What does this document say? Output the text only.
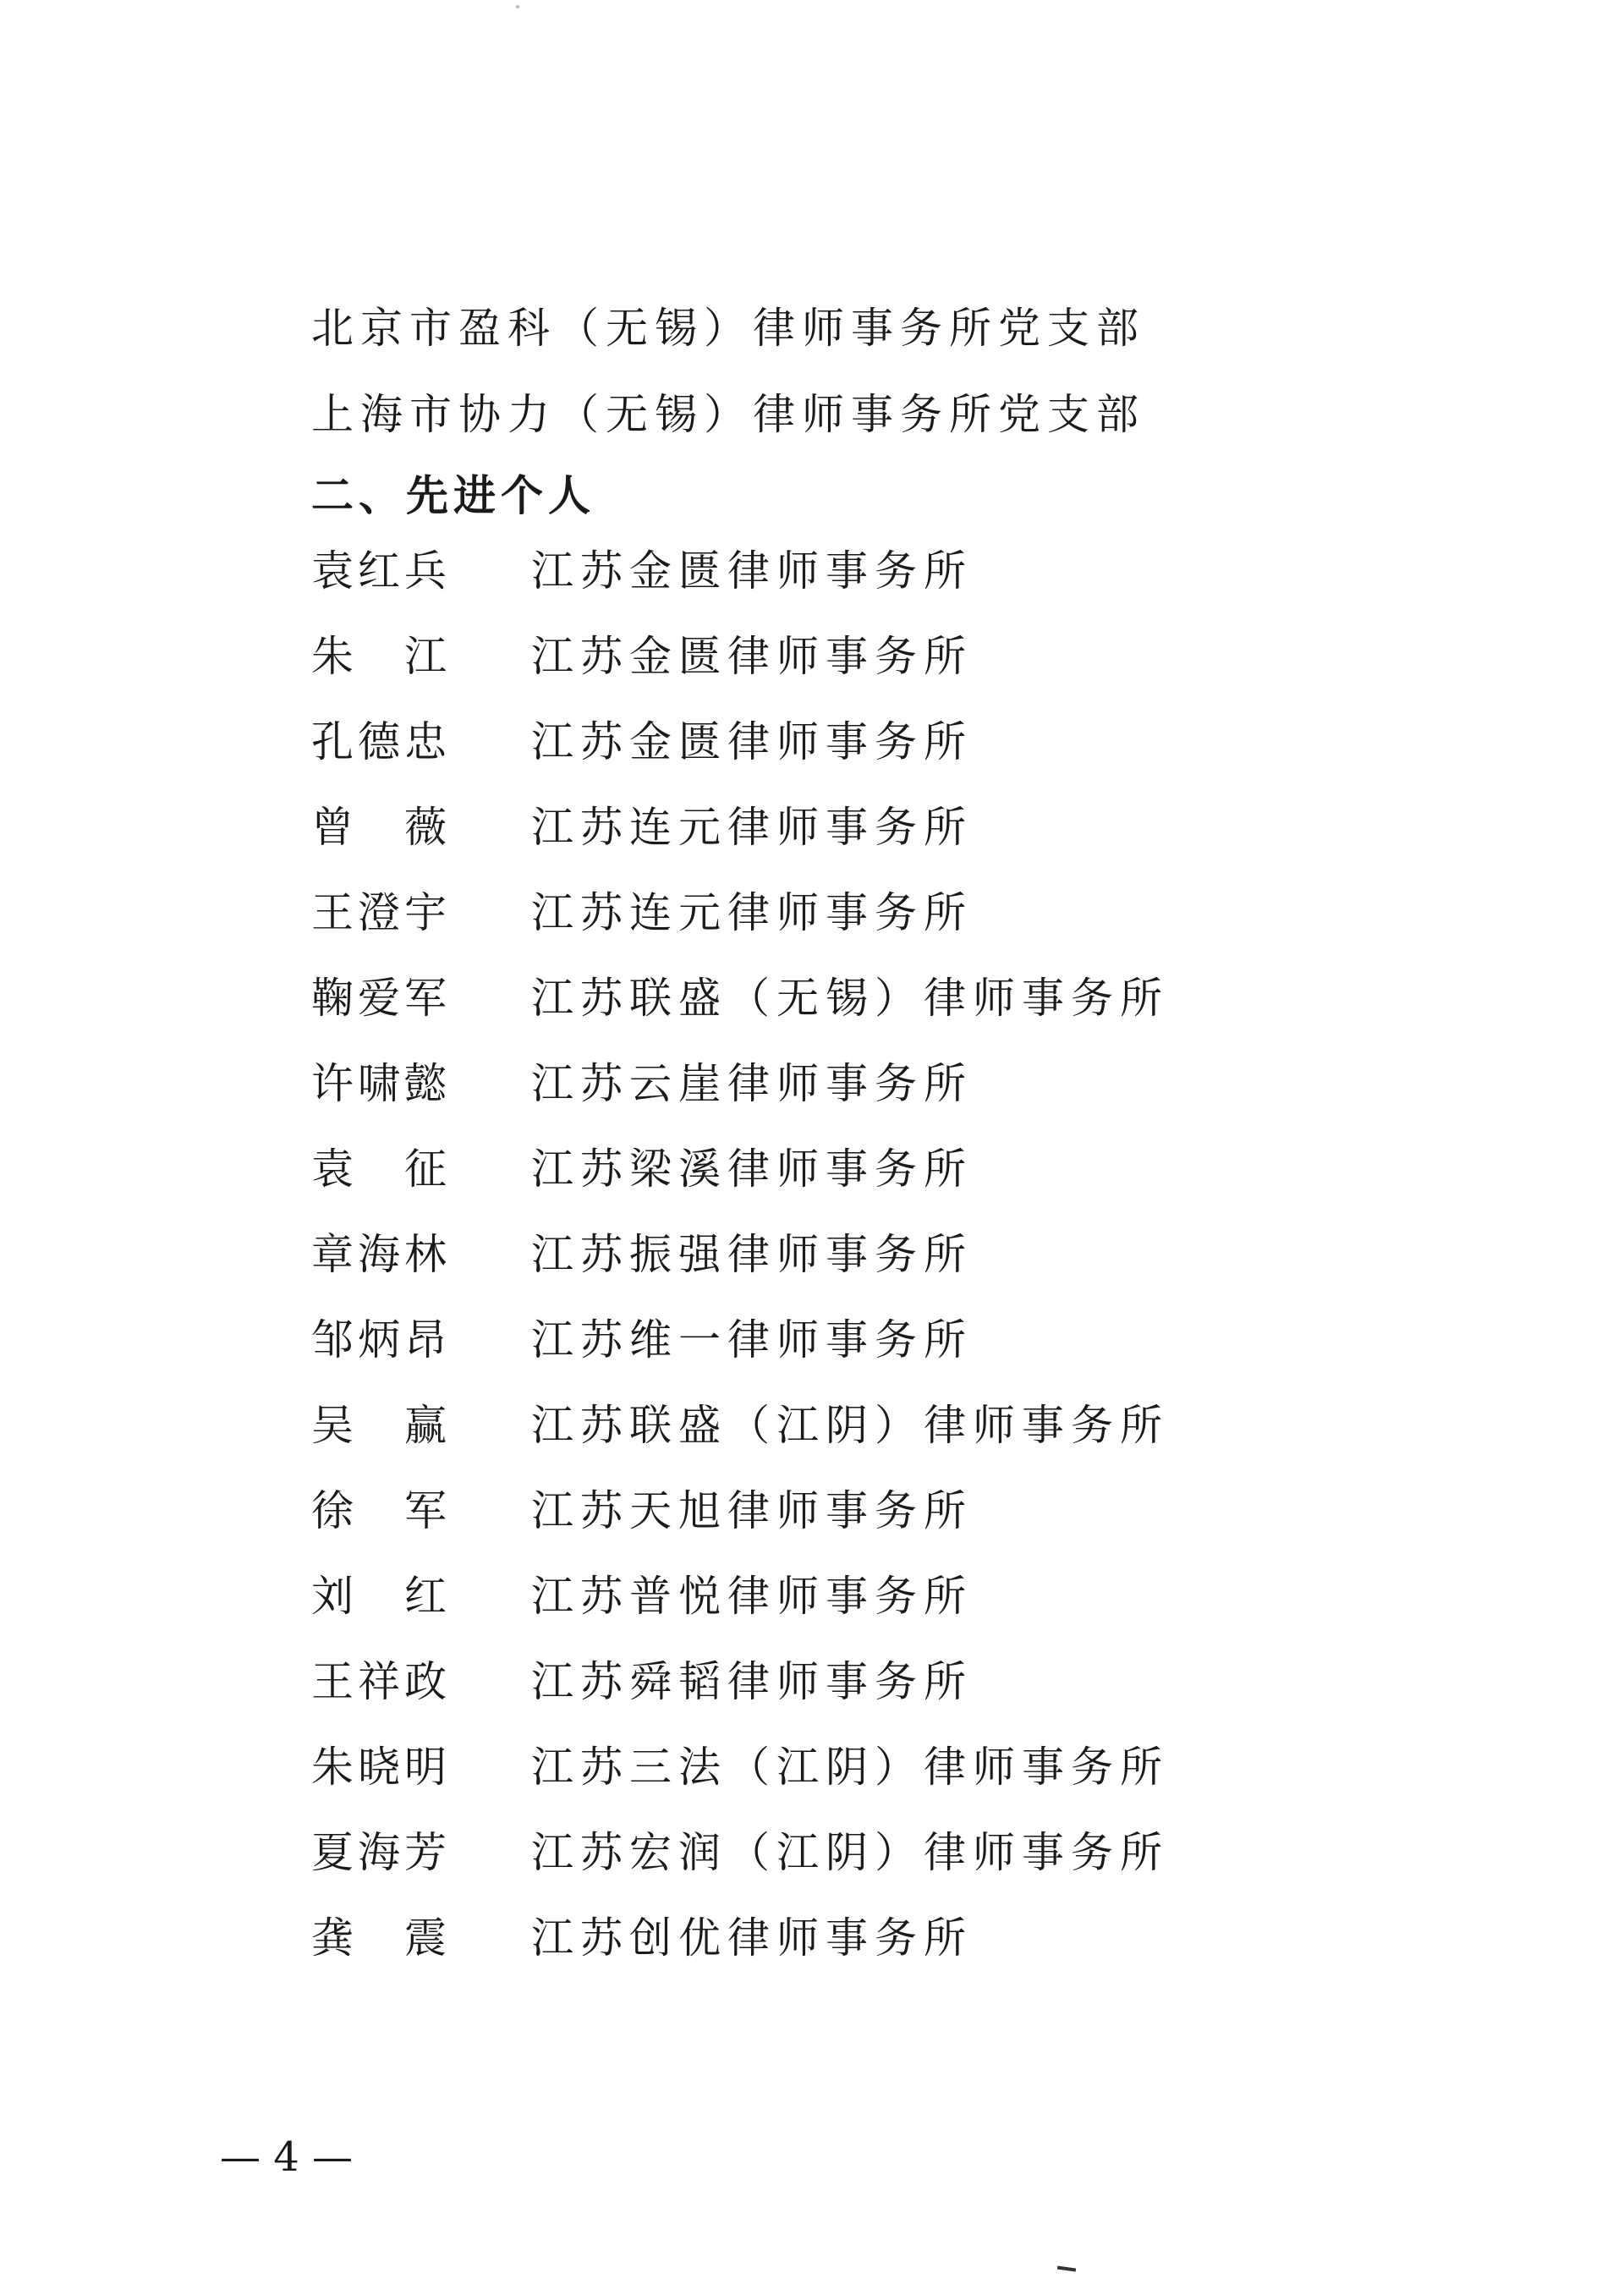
北京市盈科（无锡）律师事务所党支部
上海市协力（无锡）律师事务所党支部
二、先进个人
袁红兵 江苏金匮律师事务所
朱江 江苏金匮律师事务所
孔德忠 江苏金匮律师事务所
曾薇 江苏连元律师事务所
王澄宇 江苏连元律师事务所
鞠爱军 江苏联盛（无锡）律师事务所
许啸懿 江苏云崖律师事务所
袁征 江苏梁溪律师事务所
章海林 江苏振强律师事务所
邹炳昂 江苏维一律师事务所
吴赢 江苏联盛（江阴）律师事务所
徐军 江苏天旭律师事务所
刘红 江苏普悦律师事务所
王祥政 江苏舜韬律师事务所
朱晓明 江苏三法（江阴）律师事务所
夏海芳 江苏宏润（江阴）律师事务所
龚震 江苏创优律师事务所
— 4 —
